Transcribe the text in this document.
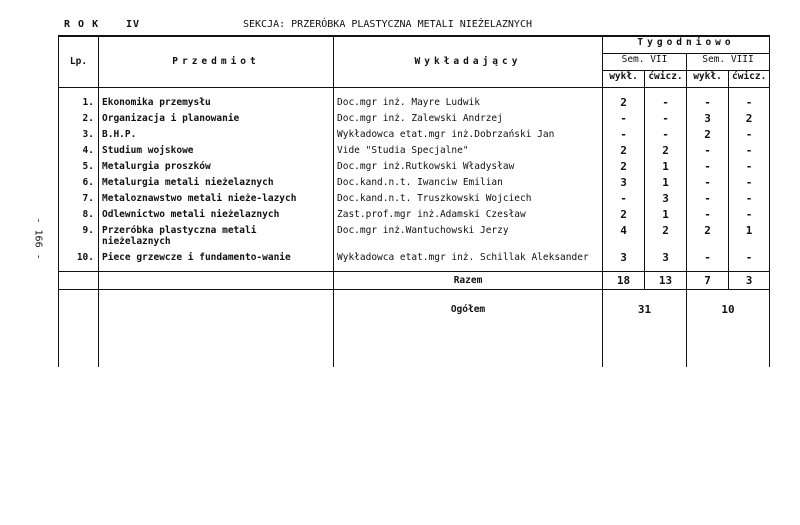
R O K	IV	SEKCJA: PRZERÓBKA PLASTYCZNA METALI NIEŻELAZNYCH
- 166 -
Lp.	Przedmiot	Wykładający	Tygodniowo			
			Sem. VII		Sem. VIII	
			wykł.	ćwicz.	wykł.	ćwicz.

1.	Ekonomika przemysłu	Doc.mgr inż. Mayre Ludwik	2	-	-	-
2.	Organizacja i planowanie	Doc.mgr inż. Zalewski Andrzej	-	-	3	2
3.	B.H.P.	Wykładowca etat.mgr inż.Dobrzański Jan	-	-	2	-
4.	Studium wojskowe	Vide "Studia Specjalne"	2	2	-	-
5.	Metalurgia proszków	Doc.mgr inż.Rutkowski Władysław	2	1	-	-
6.	Metalurgia metali nieżelaznych	Doc.kand.n.t. Iwanciw Emilian	3	1	-	-
7.	Metaloznawstwo metali nieże-lazych	Doc.kand.n.t. Truszkowski Wojciech	-	3	-	-
8.	Odlewnictwo metali nieżelaznych	Zast.prof.mgr inż.Adamski Czesław	2	1	-	-
9.	Przeróbka plastyczna metali nieżelaznych	Doc.mgr inż.Wantuchowski Jerzy	4	2	2	1
10.	Piece grzewcze i fundamento-wanie	Wykładowca etat.mgr inż. Schillak Aleksander	3	3	-	-

		Razem	18	13	7	3
		Ogółem	31		10	
